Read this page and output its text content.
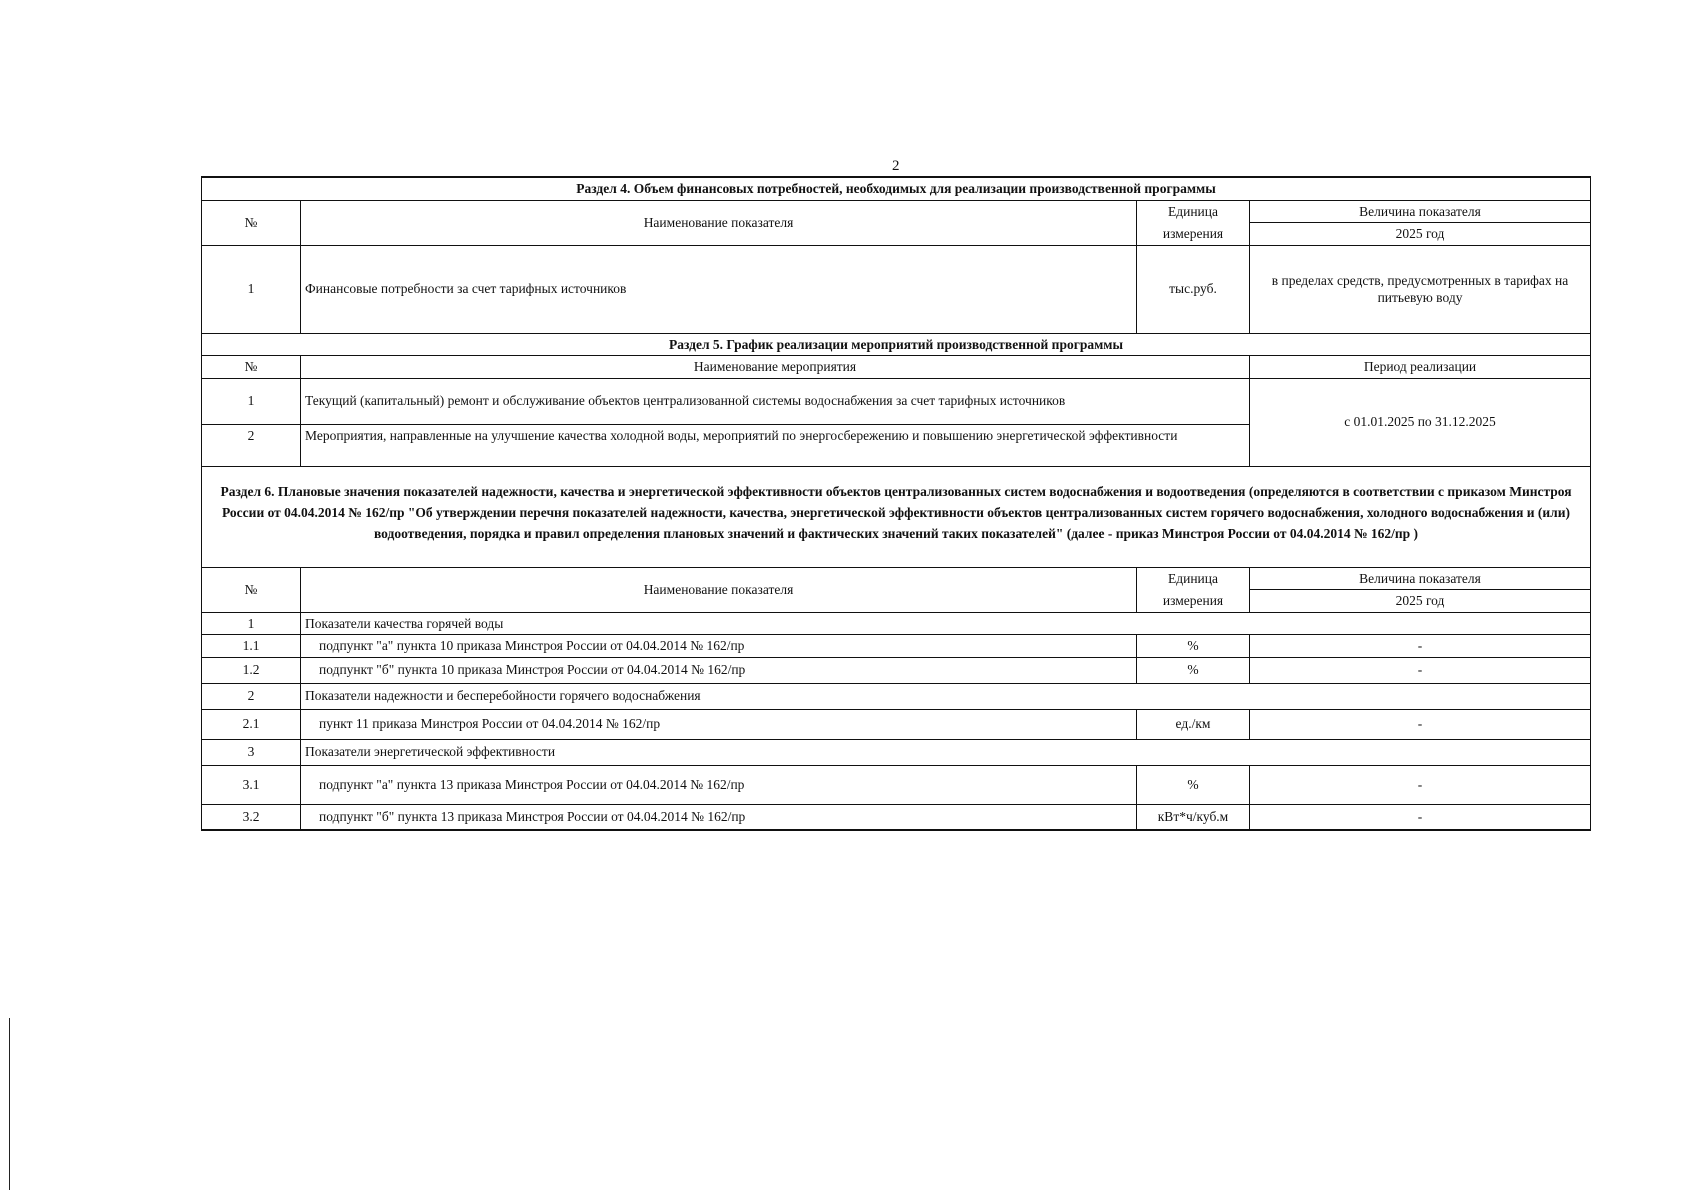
2
Раздел 4. Объем финансовых потребностей, необходимых для реализации производственной программы			
№	Наименование показателя	Единица	Величина показателя
		измерения	2025 год
1	Финансовые потребности за счет тарифных источников	тыс.руб.	в пределах средств, предусмотренных в тарифах на питьевую воду
Раздел 5. График реализации мероприятий производственной программы			
№	Наименование мероприятия		Период реализации
1	Текущий (капитальный) ремонт и обслуживание объектов централизованной системы водоснабжения за счет тарифных источников		с 01.01.2025 по 31.12.2025
2	Мероприятия, направленные на улучшение качества холодной воды, мероприятий по энергосбережению и повышению энергетической эффективности		
Раздел 6. Плановые значения показателей надежности, качества и энергетической эффективности объектов централизованных систем водоснабжения и водоотведения (определяются в соответствии с приказом Минстроя России от 04.04.2014 № 162/пр "Об утверждении перечня показателей надежности, качества, энергетической эффективности объектов централизованных систем горячего водоснабжения, холодного водоснабжения и (или) водоотведения, порядка и правил определения плановых значений и фактических значений таких показателей" (далее - приказ Минстроя России от 04.04.2014 № 162/пр )			
№	Наименование показателя	Единица	Величина показателя
		измерения	2025 год
1	Показатели качества горячей воды		
1.1	подпункт "а" пункта 10 приказа Минстроя России от 04.04.2014 № 162/пр	%	-
1.2	подпункт "б" пункта 10 приказа Минстроя России от 04.04.2014 № 162/пр	%	-
2	Показатели надежности и бесперебойности горячего водоснабжения		
2.1	пункт 11 приказа Минстроя России от 04.04.2014 № 162/пр	ед./км	-
3	Показатели энергетической эффективности		
3.1	подпункт "а" пункта 13 приказа Минстроя России от 04.04.2014 № 162/пр	%	-
3.2	подпункт "б" пункта 13 приказа Минстроя России от 04.04.2014 № 162/пр	кВт*ч/куб.м	-
